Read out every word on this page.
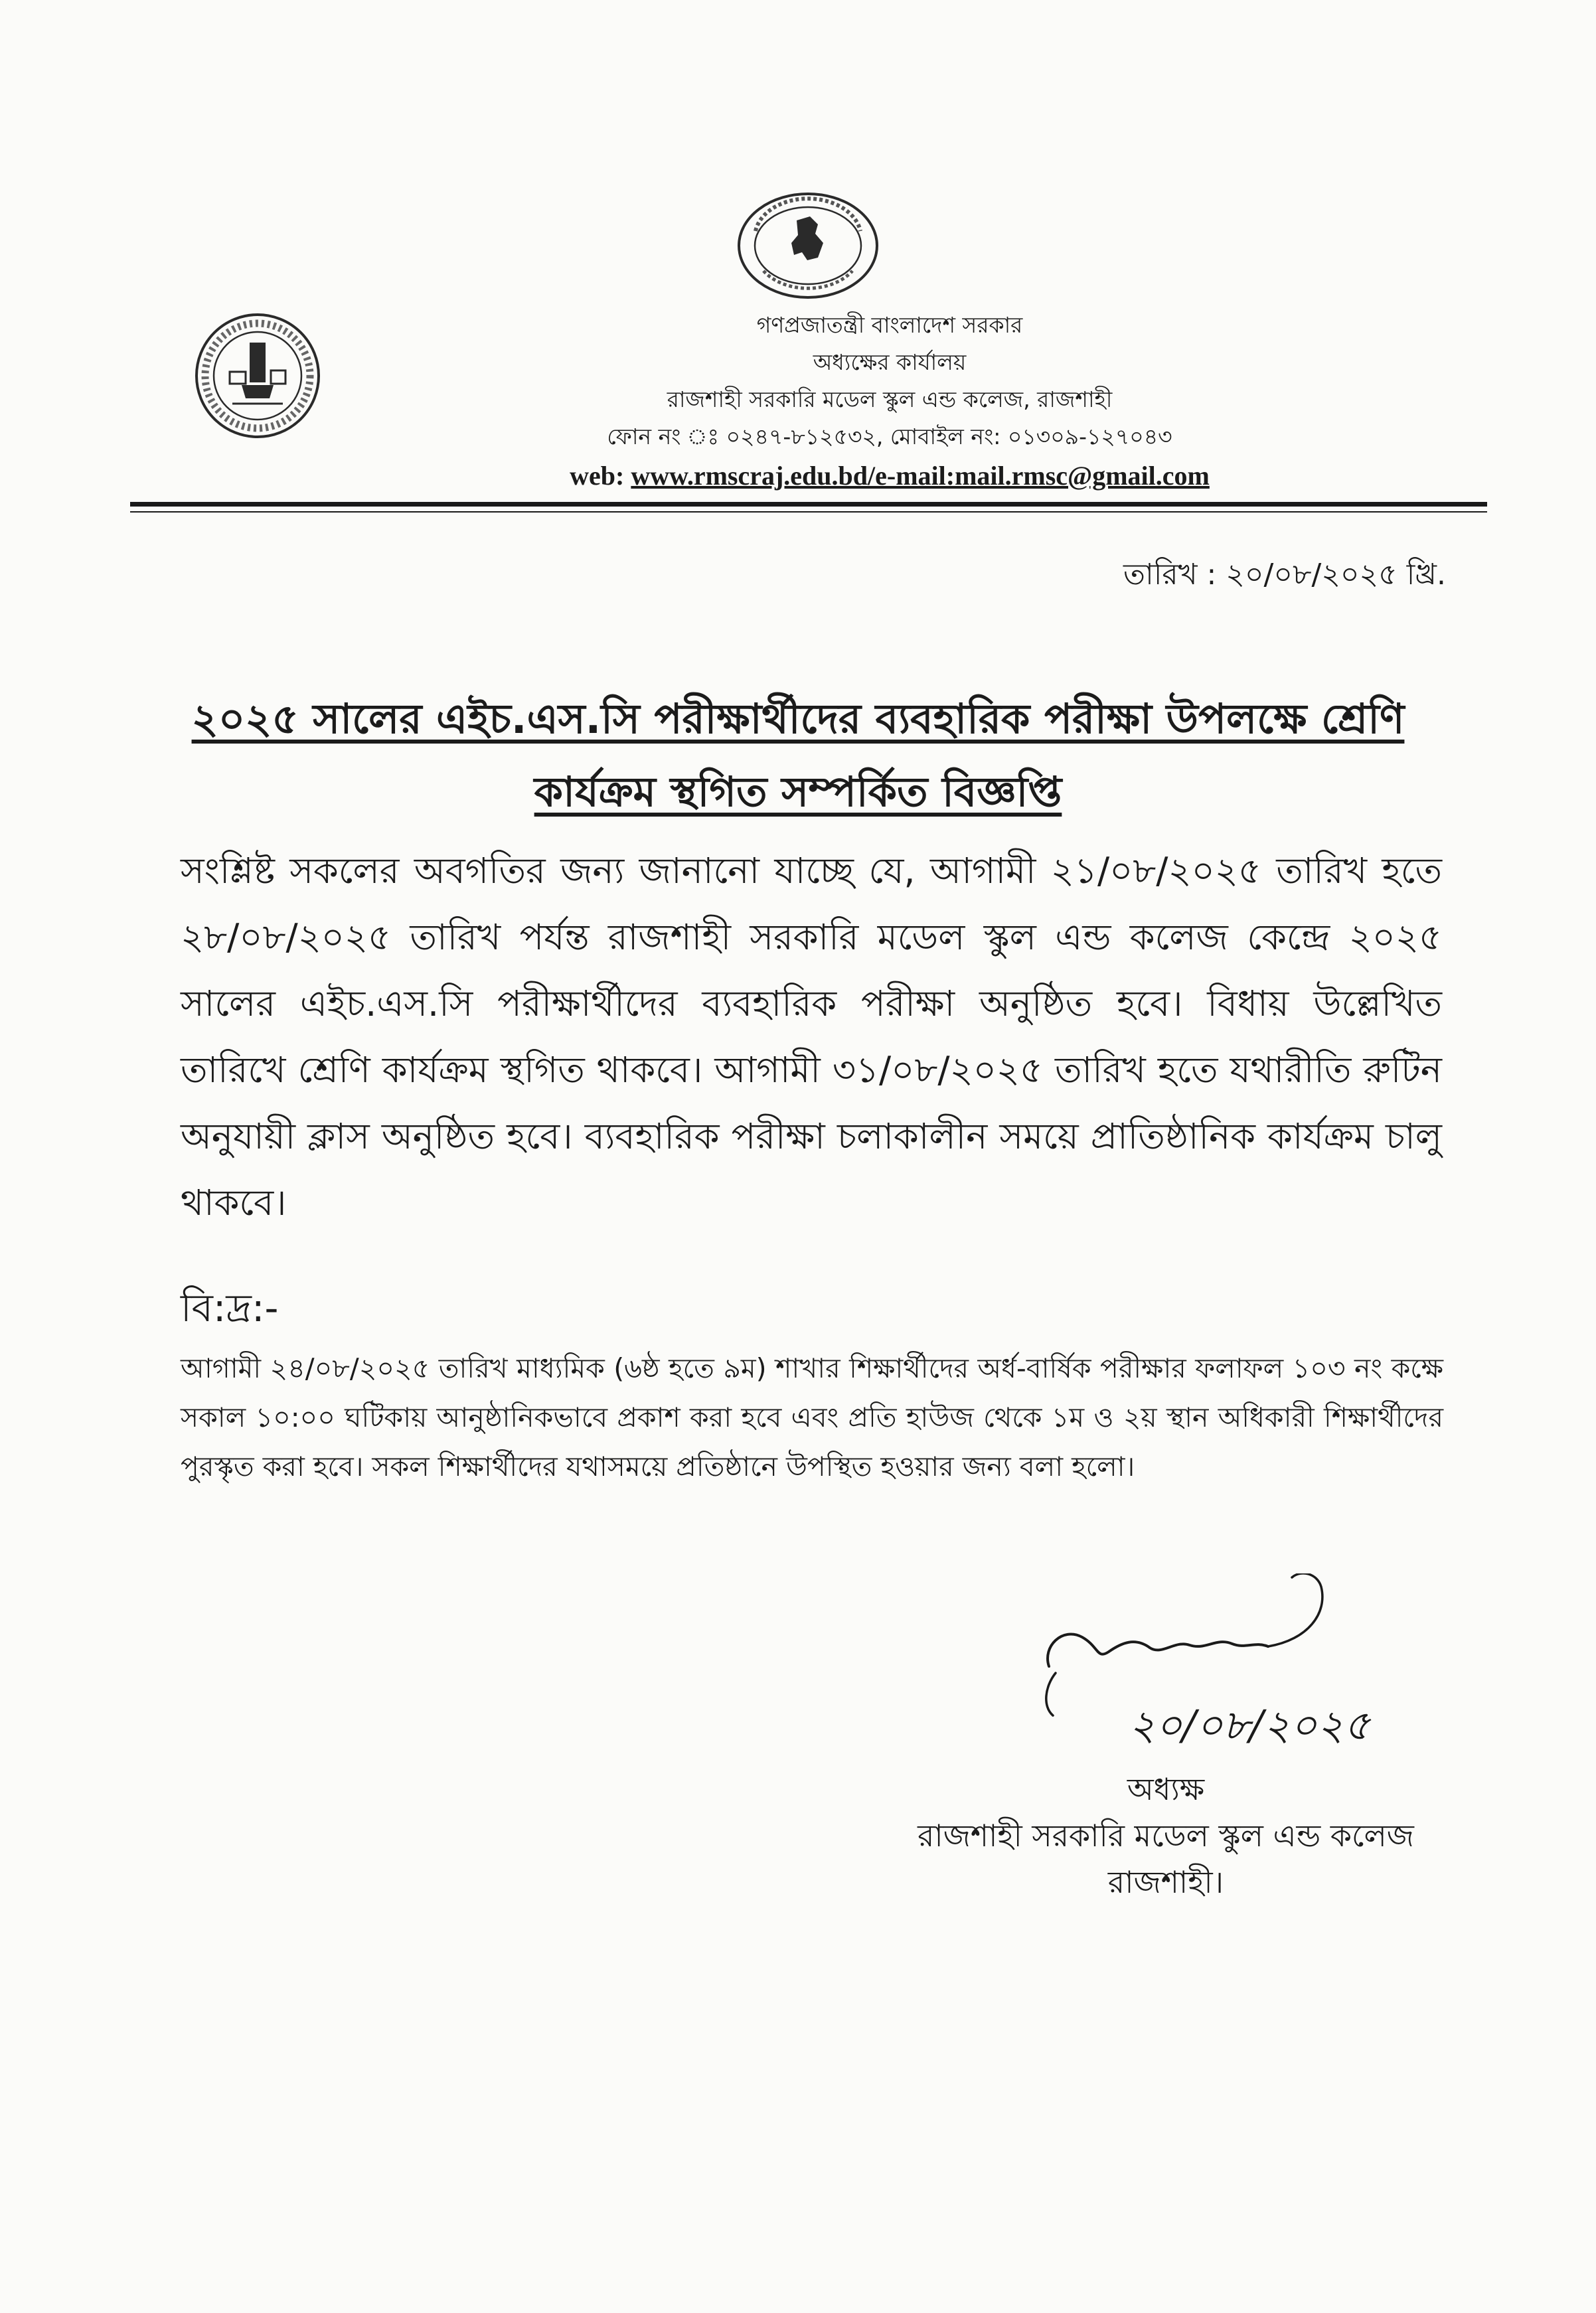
গণপ্রজাতন্ত্রী বাংলাদেশ সরকার
অধ্যক্ষের কার্যালয়
রাজশাহী সরকারি মডেল স্কুল এন্ড কলেজ, রাজশাহী
ফোন নং ঃ ০২৪৭-৮১২৫৩২, মোবাইল নং: ০১৩০৯-১২৭০৪৩
web: www.rmscraj.edu.bd/e-mail:mail.rmsc@gmail.com
তারিখ : ২০/০৮/২০২৫ খ্রি.
২০২৫ সালের এইচ.এস.সি পরীক্ষার্থীদের ব্যবহারিক পরীক্ষা উপলক্ষে শ্রেণি
কার্যক্রম স্থগিত সম্পর্কিত বিজ্ঞপ্তি
সংশ্লিষ্ট সকলের অবগতির জন্য জানানো যাচ্ছে যে, আগামী ২১/০৮/২০২৫ তারিখ হতে ২৮/০৮/২০২৫ তারিখ পর্যন্ত রাজশাহী সরকারি মডেল স্কুল এন্ড কলেজ কেন্দ্রে ২০২৫ সালের এইচ.এস.সি পরীক্ষার্থীদের ব্যবহারিক পরীক্ষা অনুষ্ঠিত হবে। বিধায় উল্লেখিত তারিখে শ্রেণি কার্যক্রম স্থগিত থাকবে। আগামী ৩১/০৮/২০২৫ তারিখ হতে যথারীতি রুটিন অনুযায়ী ক্লাস অনুষ্ঠিত হবে। ব্যবহারিক পরীক্ষা চলাকালীন সময়ে প্রাতিষ্ঠানিক কার্যক্রম চালু থাকবে।
বি:দ্র:-
আগামী ২৪/০৮/২০২৫ তারিখ মাধ্যমিক (৬ষ্ঠ হতে ৯ম) শাখার শিক্ষার্থীদের অর্ধ-বার্ষিক পরীক্ষার ফলাফল ১০৩ নং কক্ষে সকাল ১০:০০ ঘটিকায় আনুষ্ঠানিকভাবে প্রকাশ করা হবে এবং প্রতি হাউজ থেকে ১ম ও ২য় স্থান অধিকারী শিক্ষার্থীদের পুরস্কৃত করা হবে। সকল শিক্ষার্থীদের যথাসময়ে প্রতিষ্ঠানে উপস্থিত হওয়ার জন্য বলা হলো।
২০/০৮/২০২৫
অধ্যক্ষ
রাজশাহী সরকারি মডেল স্কুল এন্ড কলেজ
রাজশাহী।
